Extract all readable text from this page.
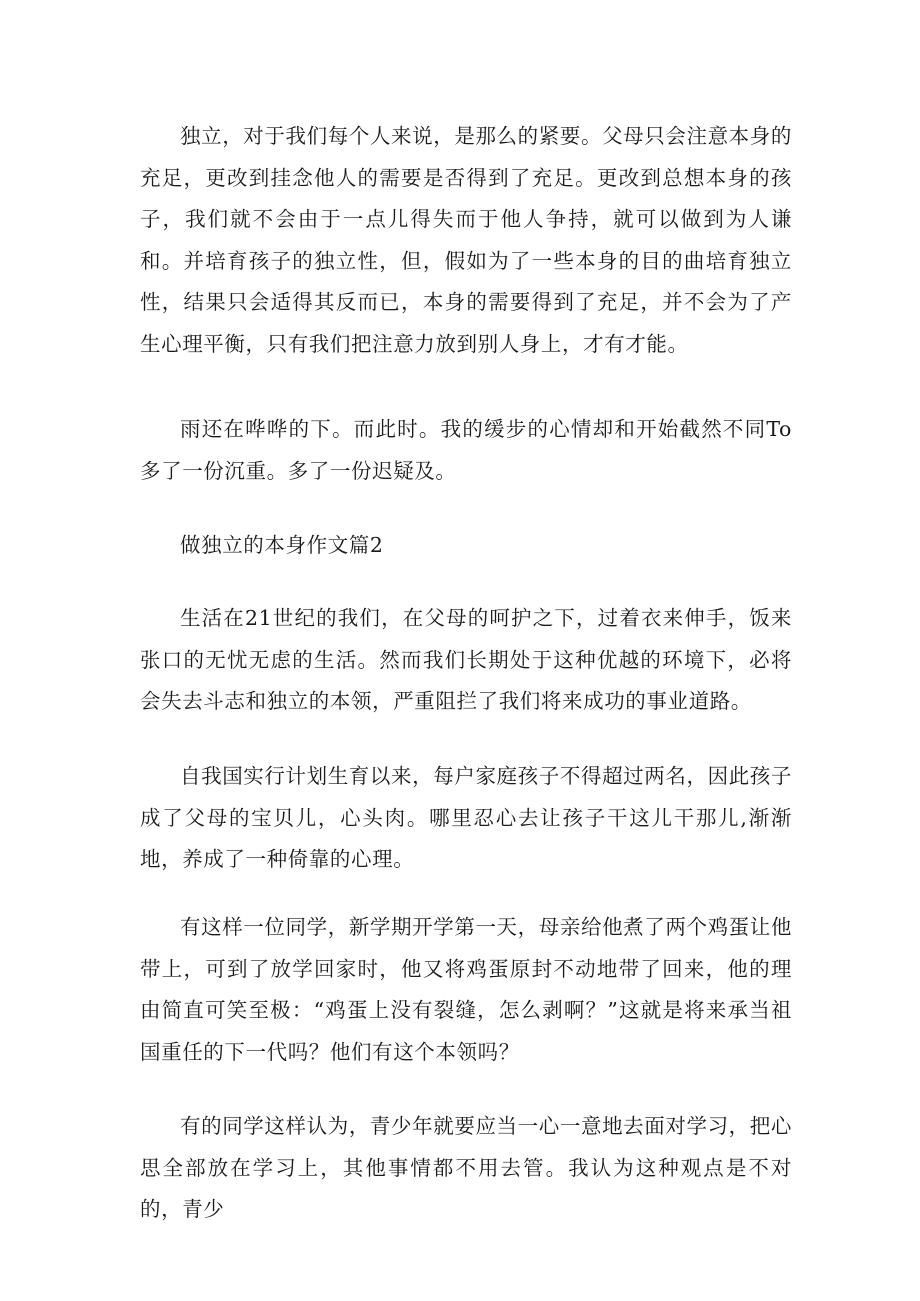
独立，对于我们每个人来说，是那么的紧要。父母只会注意本身的充足，更改到挂念他人的需要是否得到了充足。更改到总想本身的孩子，我们就不会由于一点儿得失而于他人争持，就可以做到为人谦和。并培育孩子的独立性，但，假如为了一些本身的目的曲培育独立性，结果只会适得其反而已，本身的需要得到了充足，并不会为了产生心理平衡，只有我们把注意力放到别人身上，才有才能。

雨还在哗哗的下。而此时。我的缓步的心情却和开始截然不同To多了一份沉重。多了一份迟疑及。

做独立的本身作文篇2

生活在21世纪的我们，在父母的呵护之下，过着衣来伸手，饭来张口的无忧无虑的生活。然而我们长期处于这种优越的环境下，必将会失去斗志和独立的本领，严重阻拦了我们将来成功的事业道路。

自我国实行计划生育以来，每户家庭孩子不得超过两名，因此孩子成了父母的宝贝儿，心头肉。哪里忍心去让孩子干这儿干那儿,渐渐地，养成了一种倚靠的心理。

有这样一位同学，新学期开学第一天，母亲给他煮了两个鸡蛋让他带上，可到了放学回家时，他又将鸡蛋原封不动地带了回来，他的理由简直可笑至极：“鸡蛋上没有裂缝，怎么剥啊？”这就是将来承当祖国重任的下一代吗？他们有这个本领吗？

有的同学这样认为，青少年就要应当一心一意地去面对学习，把心思全部放在学习上，其他事情都不用去管。我认为这种观点是不对的，青少
